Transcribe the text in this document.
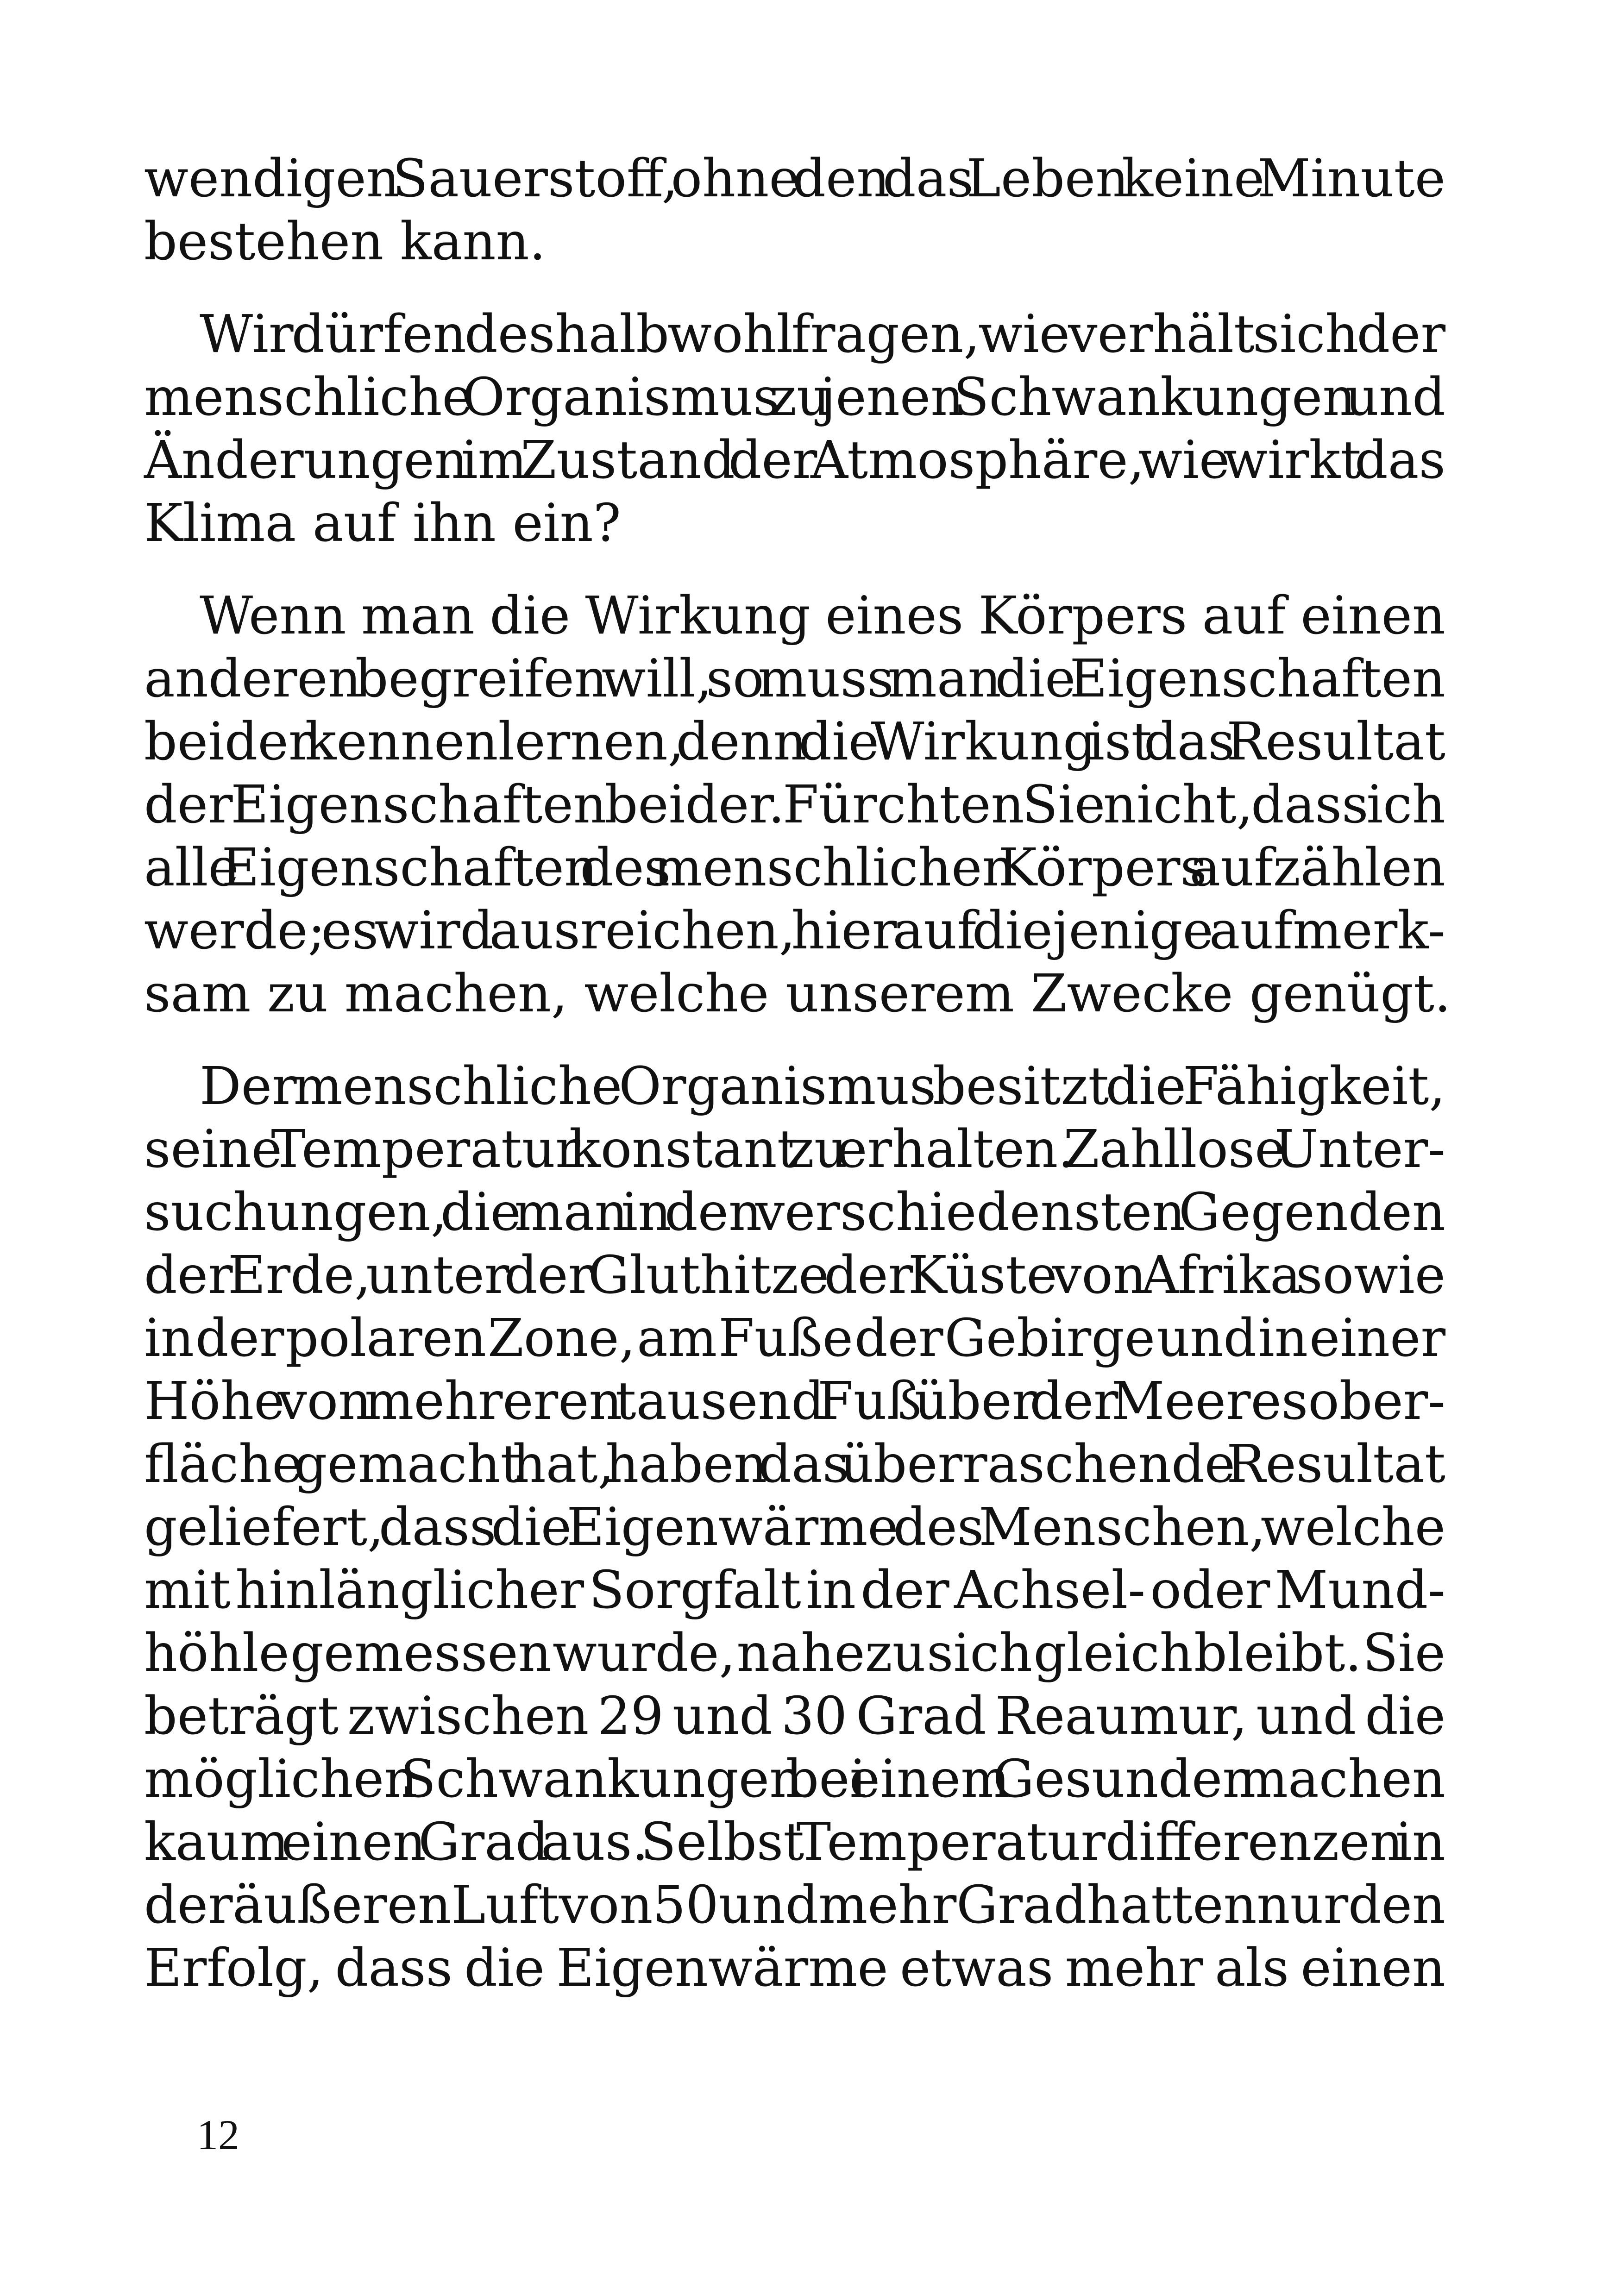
wendigen Sauerstoff, ohne den das Leben keine Minute
bestehen kann.

Wir dürfen deshalb wohl fragen, wie verhält sich der
menschliche Organismus zu jenen Schwankungen und
Änderungen im Zustand der Atmosphäre, wie wirkt das
Klima auf ihn ein?

Wenn man die Wirkung eines Körpers auf einen
anderen begreifen will, so muss man die Eigenschaften
beider kennenlernen, denn die Wirkung ist das Resultat
der Eigenschaften beider. Fürchten Sie nicht, dass ich
alle Eigenschaften des menschlichen Körpers aufzählen
werde; es wird ausreichen, hier auf diejenige aufmerk-
sam zu machen, welche unserem Zwecke genügt.

Der menschliche Organismus besitzt die Fähigkeit,
seine Temperatur konstant zu erhalten. Zahllose Unter-
suchungen, die man in den verschiedensten Gegenden
der Erde, unter der Gluthitze der Küste von Afrika sowie
in der polaren Zone, am Fuße der Gebirge und in einer
Höhe von mehreren tausend Fuß über der Meeresober-
fläche gemacht hat, haben das überraschende Resultat
geliefert, dass die Eigenwärme des Menschen, welche
mit hinlänglicher Sorgfalt in der Achsel- oder Mund-
höhle gemessen wurde, nahezu sich gleich bleibt. Sie
beträgt zwischen 29 und 30 Grad Reaumur, und die
möglichen Schwankungen bei einem Gesunden machen
kaum einen Grad aus. Selbst Temperaturdifferenzen in
der äußeren Luft von 50 und mehr Grad hatten nur den
Erfolg, dass die Eigenwärme etwas mehr als einen

12
